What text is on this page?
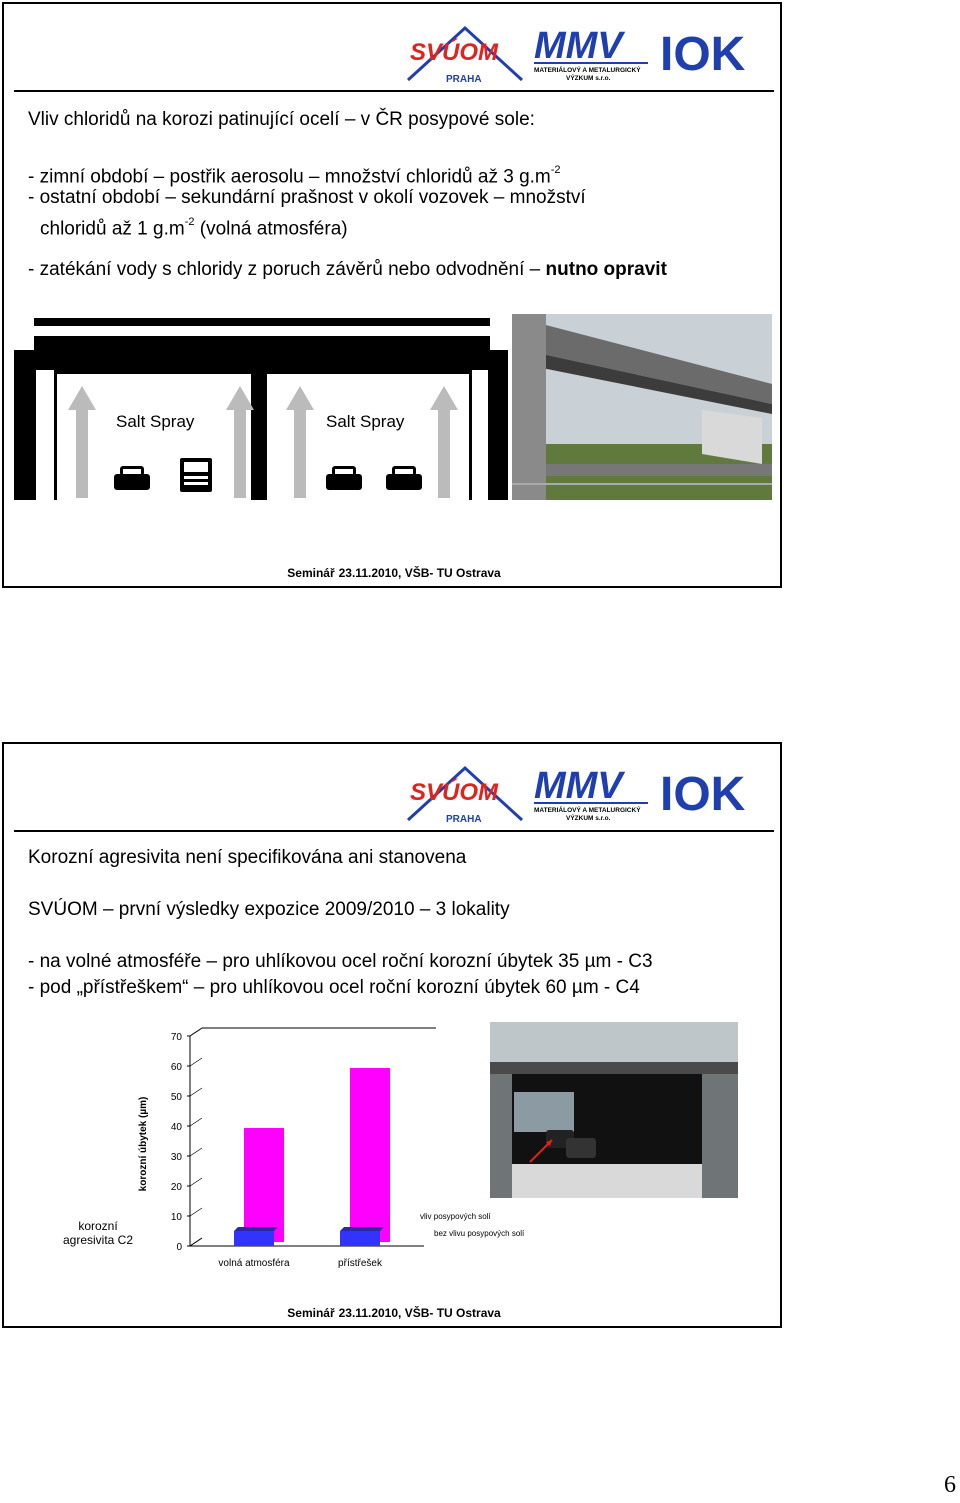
SVÚOM
PRAHA
MMV
MATERIÁLOVÝ A METALURGICKÝ
VÝZKUM s.r.o. IOK
Vliv chloridů na korozi patinující ocelí – v ČR posypové sole:
- zimní období – postřik aerosolu – množství chloridů až 3 $g.m^{-2}$
- ostatní období – sekundární prašnost v okolí vozovek – množství
chloridů až 1 $g.m^{-2}$ (volná atmosféra)
- zatékání vody s chloridy z poruch závěrů nebo odvodnění – nutno opravit
Salt Spray	Salt Spray
Seminář 23.11.2010, VŠB- TU Ostrava
SVÚOM
PRAHA
MMV
MATERIÁLOVÝ A METALURGICKÝ
VÝZKUM s.r.o. IOK
Korozní agresivita není specifikována ani stanovena
SVÚOM – první výsledky expozice 2009/2010 – 3 lokality
- na volné atmosféře – pro uhlíkovou ocel roční korozní úbytek 35 µm - C3
- pod „přístřeškem“ – pro uhlíkovou ocel roční korozní úbytek 60 µm - C4
0
10
20
30
40
50
60
70
korozní úbytek (µm)
korozní
agresivita C2
volná atmosféra	přístřešek
vliv posypových solí
bez vlivu posypových solí
Seminář 23.11.2010, VŠB- TU Ostrava
6
